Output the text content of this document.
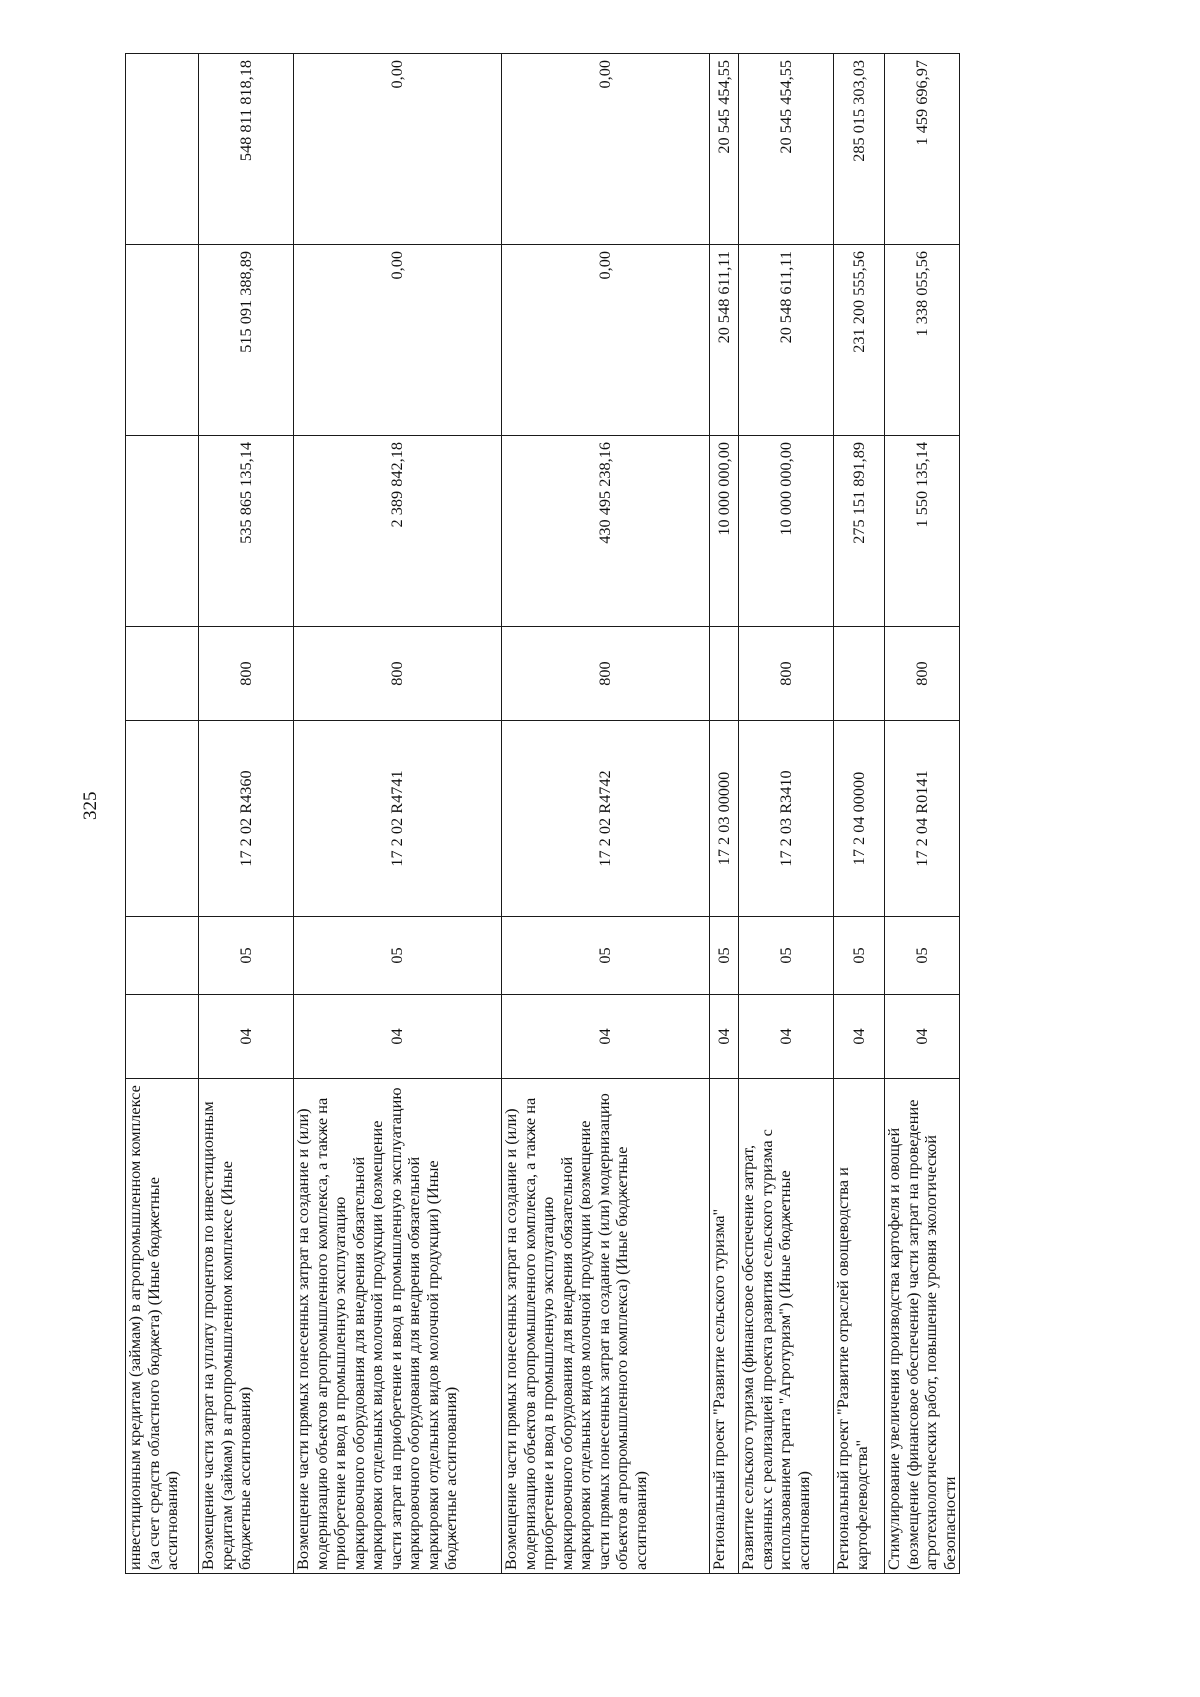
325
инвестиционным кредитам (займам) в агропромышленном комплексе (за счет средств областного бюджета) (Иные бюджетные ассигнования)							
Возмещение части затрат на уплату процентов по инвестиционным кредитам (займам) в агропромышленном комплексе (Иные бюджетные ассигнования)	04	05	17 2 02 R4360	800	535 865 135,14	515 091 388,89	548 811 818,18
Возмещение части прямых понесенных затрат на создание и (или) модернизацию объектов агропромышленного комплекса, а также на приобретение и ввод в промышленную эксплуатацию маркировочного оборудования для внедрения обязательной маркировки отдельных видов молочной продукции (возмещение части затрат на приобретение и ввод в промышленную эксплуатацию маркировочного оборудования для внедрения обязательной маркировки отдельных видов молочной продукции) (Иные бюджетные ассигнования)	04	05	17 2 02 R4741	800	2 389 842,18	0,00	0,00
Возмещение части прямых понесенных затрат на создание и (или) модернизацию объектов агропромышленного комплекса, а также на приобретение и ввод в промышленную эксплуатацию маркировочного оборудования для внедрения обязательной маркировки отдельных видов молочной продукции (возмещение части прямых понесенных затрат на создание и (или) модернизацию объектов агропромышленного комплекса) (Иные бюджетные ассигнования)	04	05	17 2 02 R4742	800	430 495 238,16	0,00	0,00
Региональный проект "Развитие сельского туризма"	04	05	17 2 03 00000		10 000 000,00	20 548 611,11	20 545 454,55
Развитие сельского туризма (финансовое обеспечение затрат, связанных с реализацией проекта развития сельского туризма с использованием гранта "Агротуризм") (Иные бюджетные ассигнования)	04	05	17 2 03 R3410	800	10 000 000,00	20 548 611,11	20 545 454,55
Региональный проект "Развитие отраслей овощеводства и картофелеводства"	04	05	17 2 04 00000		275 151 891,89	231 200 555,56	285 015 303,03
Стимулирование увеличения производства картофеля и овощей (возмещение (финансовое обеспечение) части затрат на проведение агротехнологических работ, повышение уровня экологической безопасности	04	05	17 2 04 R0141	800	1 550 135,14	1 338 055,56	1 459 696,97
